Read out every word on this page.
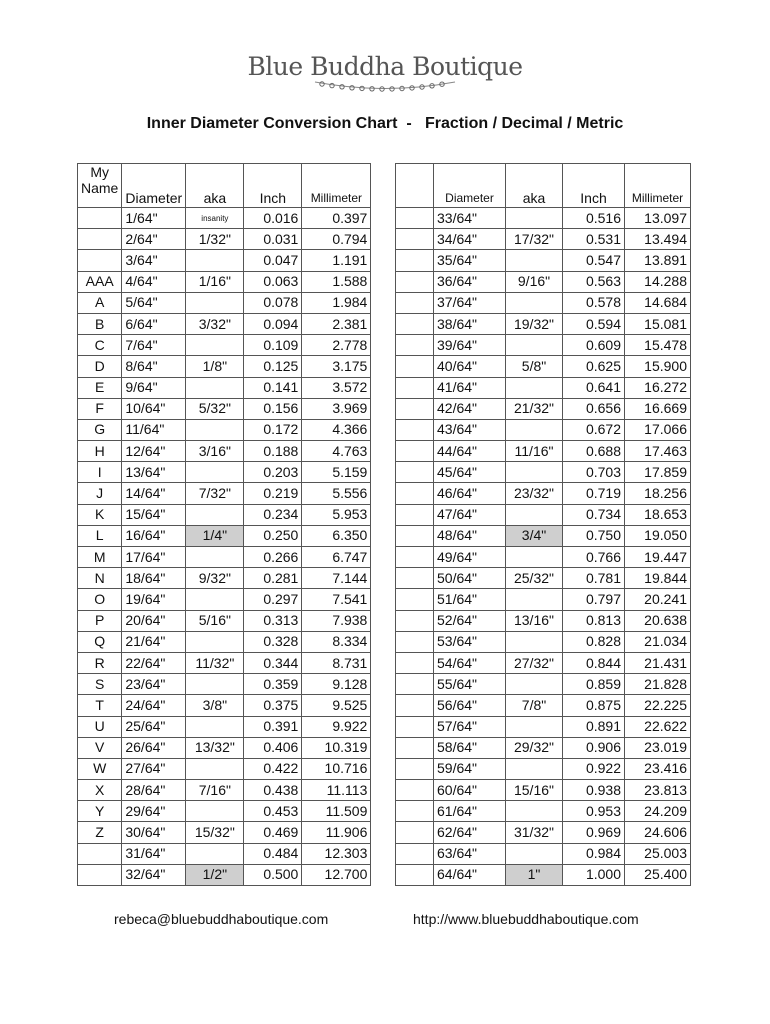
Blue Buddha Boutique
Inner Diameter Conversion Chart  -   Fraction / Decimal / Metric
My
Name	Diameter	aka	Inch	Millimeter
	1/64"	insanity	0.016	0.397
	2/64"	1/32"	0.031	0.794
	3/64"		0.047	1.191
AAA	4/64"	1/16"	0.063	1.588
A	5/64"		0.078	1.984
B	6/64"	3/32"	0.094	2.381
C	7/64"		0.109	2.778
D	8/64"	1/8"	0.125	3.175
E	9/64"		0.141	3.572
F	10/64"	5/32"	0.156	3.969
G	11/64"		0.172	4.366
H	12/64"	3/16"	0.188	4.763
I	13/64"		0.203	5.159
J	14/64"	7/32"	0.219	5.556
K	15/64"		0.234	5.953
L	16/64"	1/4"	0.250	6.350
M	17/64"		0.266	6.747
N	18/64"	9/32"	0.281	7.144
O	19/64"		0.297	7.541
P	20/64"	5/16"	0.313	7.938
Q	21/64"		0.328	8.334
R	22/64"	11/32"	0.344	8.731
S	23/64"		0.359	9.128
T	24/64"	3/8"	0.375	9.525
U	25/64"		0.391	9.922
V	26/64"	13/32"	0.406	10.319
W	27/64"		0.422	10.716
X	28/64"	7/16"	0.438	11.113
Y	29/64"		0.453	11.509
Z	30/64"	15/32"	0.469	11.906
	31/64"		0.484	12.303
	32/64"	1/2"	0.500	12.700
	Diameter	aka	Inch	Millimeter
	33/64"		0.516	13.097
	34/64"	17/32"	0.531	13.494
	35/64"		0.547	13.891
	36/64"	9/16"	0.563	14.288
	37/64"		0.578	14.684
	38/64"	19/32"	0.594	15.081
	39/64"		0.609	15.478
	40/64"	5/8"	0.625	15.900
	41/64"		0.641	16.272
	42/64"	21/32"	0.656	16.669
	43/64"		0.672	17.066
	44/64"	11/16"	0.688	17.463
	45/64"		0.703	17.859
	46/64"	23/32"	0.719	18.256
	47/64"		0.734	18.653
	48/64"	3/4"	0.750	19.050
	49/64"		0.766	19.447
	50/64"	25/32"	0.781	19.844
	51/64"		0.797	20.241
	52/64"	13/16"	0.813	20.638
	53/64"		0.828	21.034
	54/64"	27/32"	0.844	21.431
	55/64"		0.859	21.828
	56/64"	7/8"	0.875	22.225
	57/64"		0.891	22.622
	58/64"	29/32"	0.906	23.019
	59/64"		0.922	23.416
	60/64"	15/16"	0.938	23.813
	61/64"		0.953	24.209
	62/64"	31/32"	0.969	24.606
	63/64"		0.984	25.003
	64/64"	1"	1.000	25.400
rebeca@bluebuddhaboutique.com	http://www.bluebuddhaboutique.com
